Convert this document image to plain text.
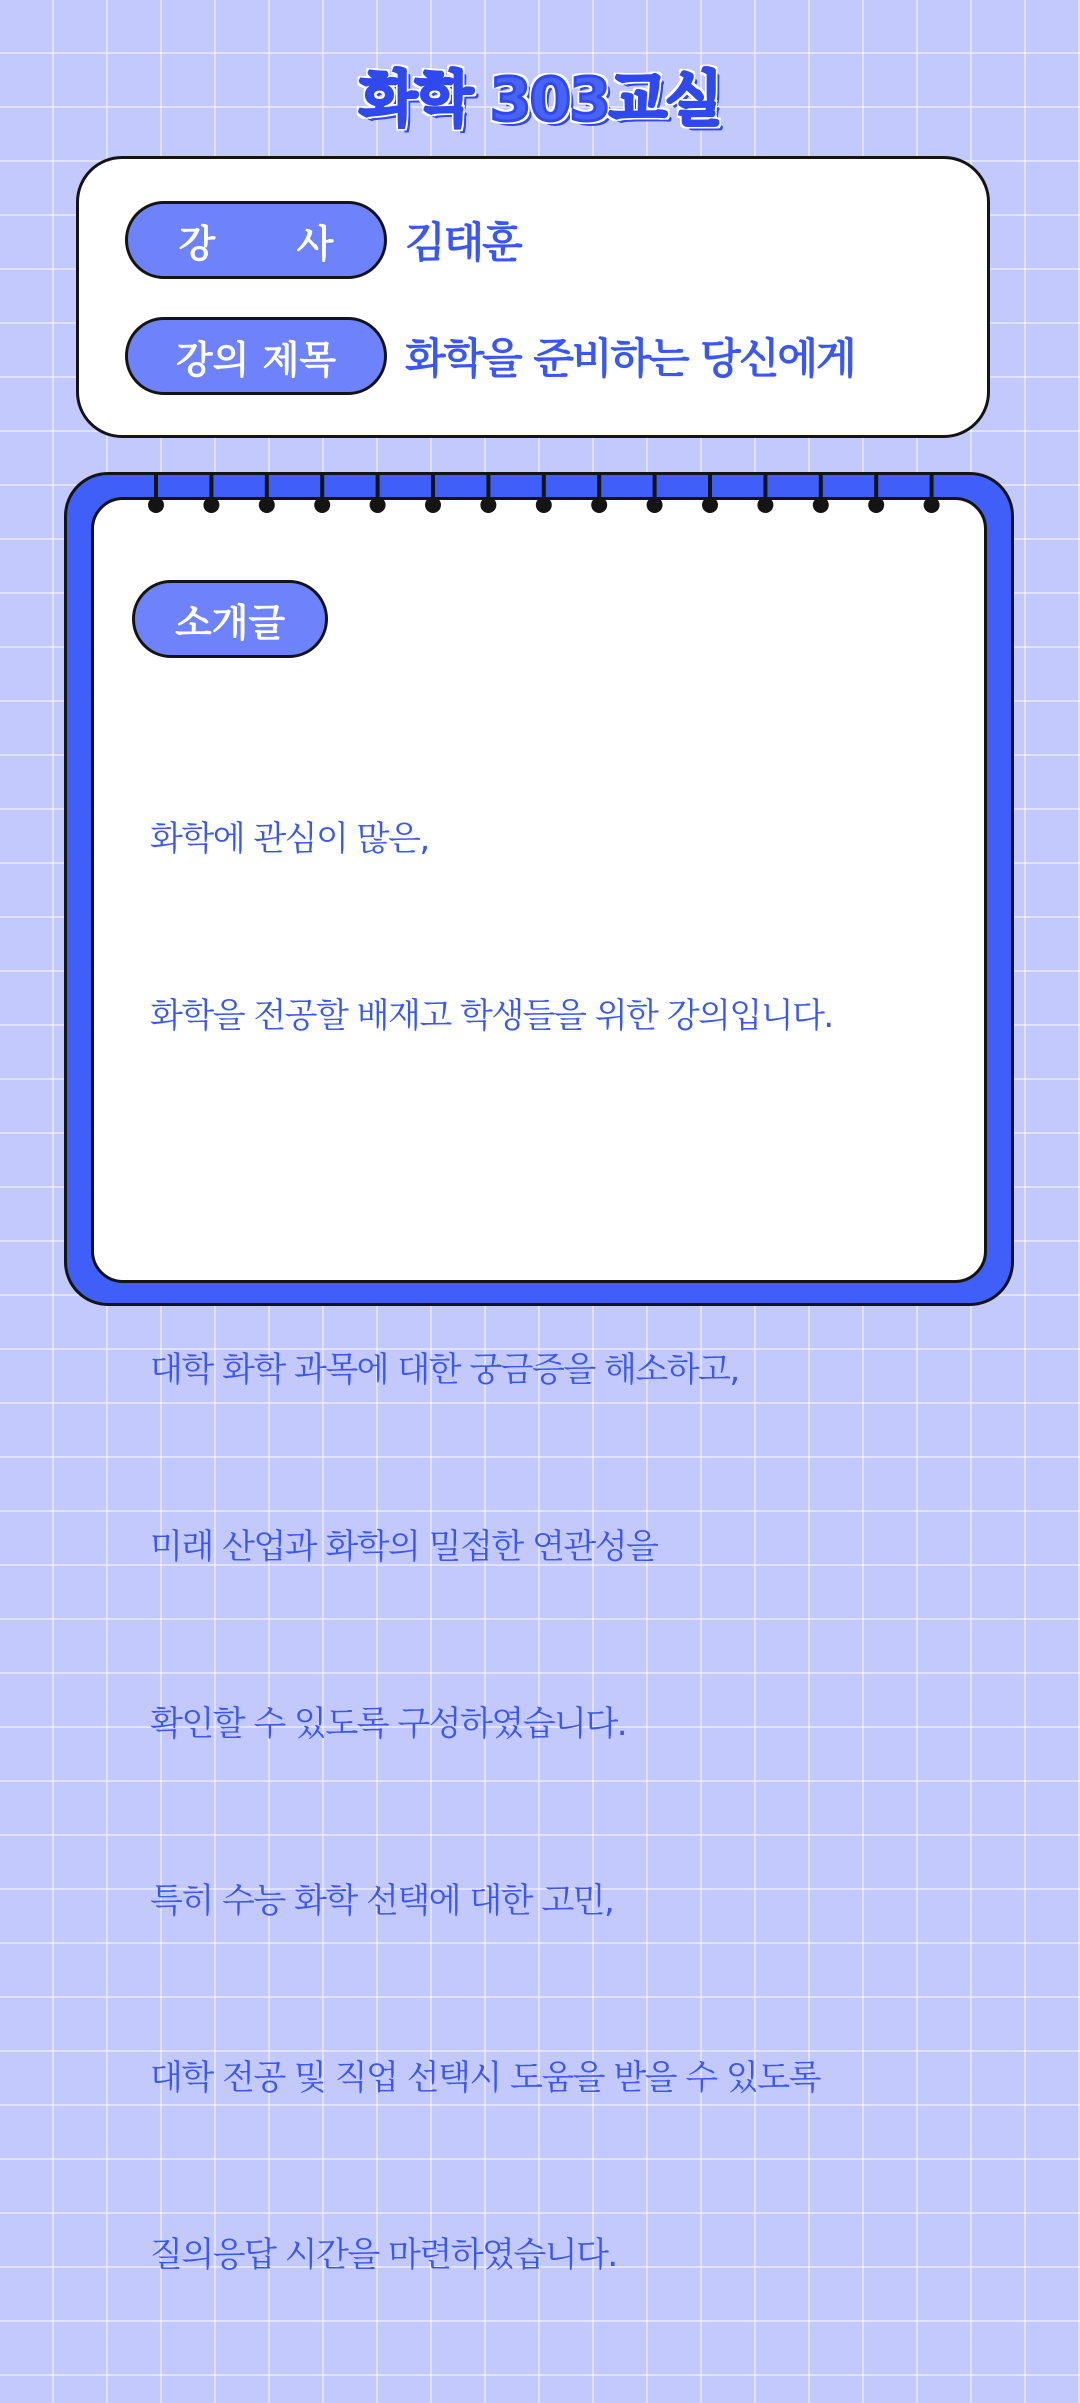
화학 303교실
강 사 김태훈
강의 제목	화학을 준비하는 당신에게
소개글

화학에 관심이 많은,

화학을 전공할 배재고 학생들을 위한 강의입니다.

대학 화학 과목에 대한 궁금증을 해소하고,

미래 산업과 화학의 밀접한 연관성을

확인할 수 있도록 구성하였습니다.

특히 수능 화학 선택에 대한 고민,

대학 전공 및 직업 선택시 도움을 받을 수 있도록

질의응답 시간을 마련하였습니다.
